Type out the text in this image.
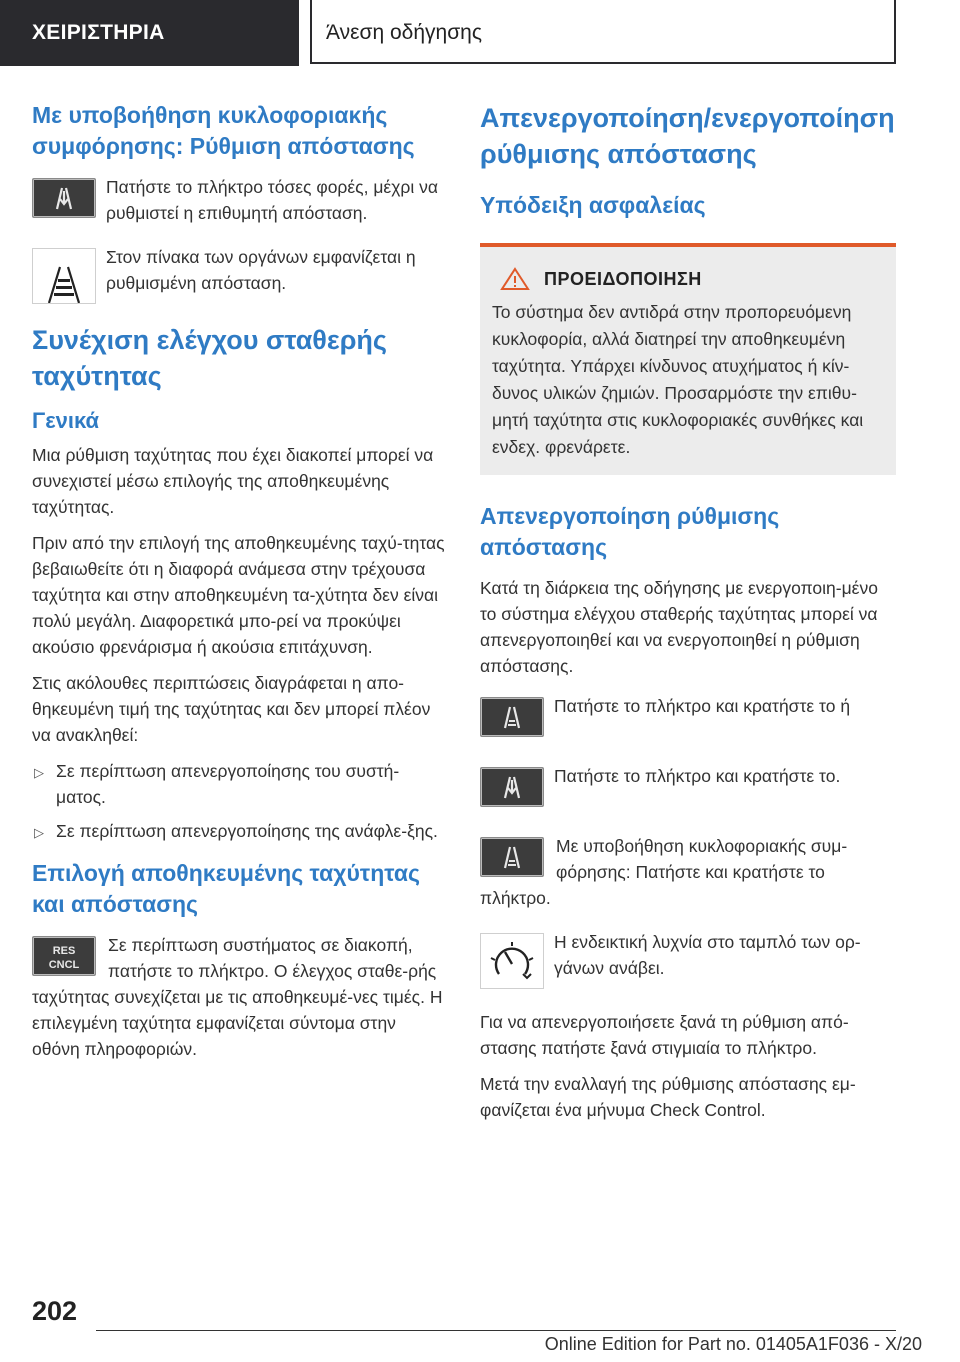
ΧΕΙΡΙΣΤΗΡΙΑ	Άνεση οδήγησης
Με υποβοήθηση κυκλοφοριακής συμφόρησης: Ρύθμιση απόστασης
Πατήστε το πλήκτρο τόσες φορές, μέχρι να ρυθμιστεί η επιθυμητή απόσταση.
Στον πίνακα των οργάνων εμφανίζεται η ρυθμισμένη απόσταση.
Συνέχιση ελέγχου σταθερής ταχύτητας
Γενικά

Μια ρύθμιση ταχύτητας που έχει διακοπεί μπορεί να συνεχιστεί μέσω επιλογής της αποθηκευμένης ταχύτητας.

Πριν από την επιλογή της αποθηκευμένης ταχύ-τητας βεβαιωθείτε ότι η διαφορά ανάμεσα στην τρέχουσα ταχύτητα και στην αποθηκευμένη τα-χύτητα δεν είναι πολύ μεγάλη. Διαφορετικά μπο-ρεί να προκύψει ακούσιο φρενάρισμα ή ακούσια επιτάχυνση.

Στις ακόλουθες περιπτώσεις διαγράφεται η απο-θηκευμένη τιμή της ταχύτητας και δεν μπορεί πλέον να ανακληθεί:

▷ Σε περίπτωση απενεργοποίησης του συστή-ματος.
▷ Σε περίπτωση απενεργοποίησης της ανάφλε-ξης.
Επιλογή αποθηκευμένης ταχύτητας και απόστασης
RES
CNCL
Σε περίπτωση συστήματος σε διακοπή, πατήστε το πλήκτρο. Ο έλεγχος σταθε-ρής ταχύτητας συνεχίζεται με τις αποθηκευμέ-νες τιμές. Η επιλεγμένη ταχύτητα εμφανίζεται σύντομα στην οθόνη πληροφοριών.
Απενεργοποίηση/ενεργοποίηση ρύθμισης απόστασης
Υπόδειξη ασφαλείας
ΠΡΟΕΙΔΟΠΟΙΗΣΗ

Το σύστημα δεν αντιδρά στην προπορευόμενη κυκλοφορία, αλλά διατηρεί την αποθηκευμένη ταχύτητα. Υπάρχει κίνδυνος ατυχήματος ή κίν-δυνος υλικών ζημιών. Προσαρμόστε την επιθυ-μητή ταχύτητα στις κυκλοφοριακές συνθήκες και ενδεχ. φρενάρετε.

Απενεργοποίηση ρύθμισης απόστασης

Κατά τη διάρκεια της οδήγησης με ενεργοποιη-μένο το σύστημα ελέγχου σταθερής ταχύτητας μπορεί να απενεργοποιηθεί και να ενεργοποιηθεί η ρύθμιση απόστασης.

Πατήστε το πλήκτρο και κρατήστε το ή
Πατήστε το πλήκτρο και κρατήστε το.
Με υποβοήθηση κυκλοφοριακής συμ-φόρησης: Πατήστε και κρατήστε το πλήκτρο.
Η ενδεικτική λυχνία στο ταμπλό των ορ-γάνων ανάβει.

Για να απενεργοποιήσετε ξανά τη ρύθμιση από-στασης πατήστε ξανά στιγμιαία το πλήκτρο.

Μετά την εναλλαγή της ρύθμισης απόστασης εμ-φανίζεται ένα μήνυμα Check Control.

202
Online Edition for Part no. 01405A1F036 - X/20
